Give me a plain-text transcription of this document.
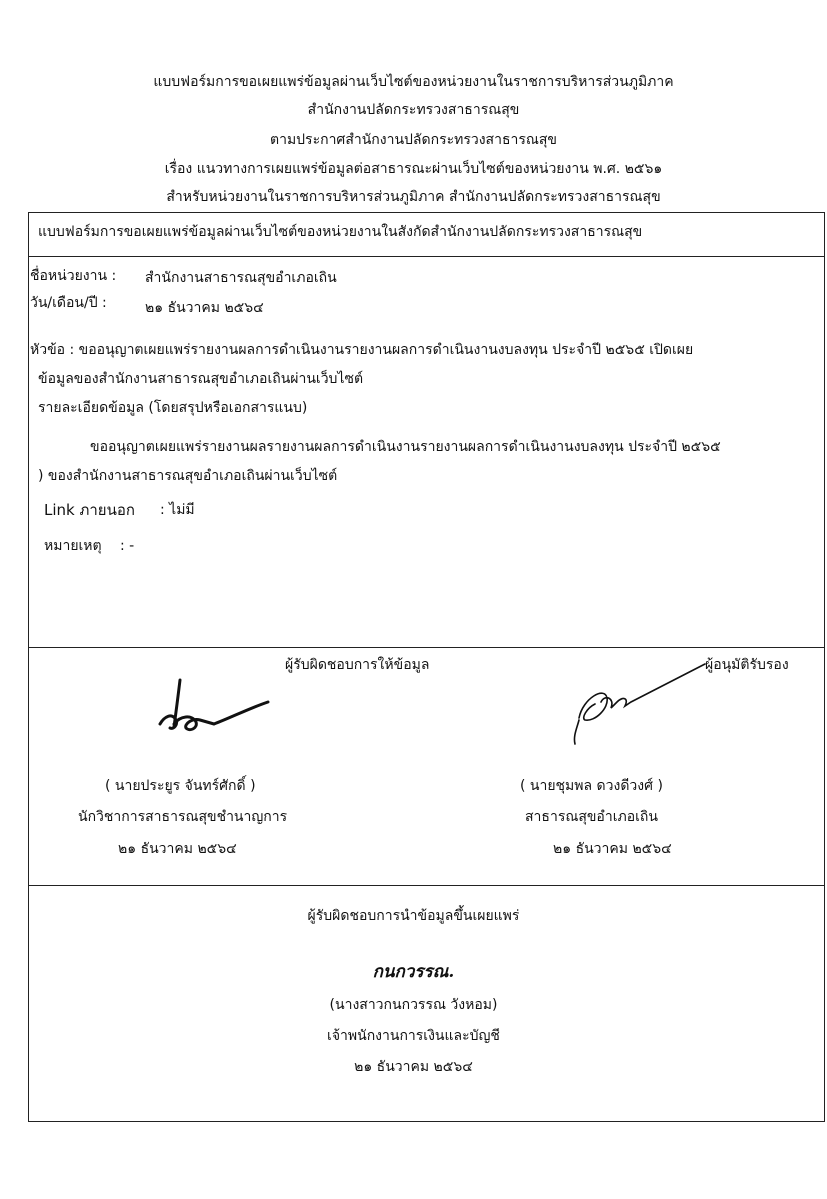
แบบฟอร์มการขอเผยแพร่ข้อมูลผ่านเว็บไซต์ของหน่วยงานในราชการบริหารส่วนภูมิภาค
สำนักงานปลัดกระทรวงสาธารณสุข
ตามประกาศสำนักงานปลัดกระทรวงสาธารณสุข
เรื่อง แนวทางการเผยแพร่ข้อมูลต่อสาธารณะผ่านเว็บไซต์ของหน่วยงาน พ.ศ. ๒๕๖๑
สำหรับหน่วยงานในราชการบริหารส่วนภูมิภาค สำนักงานปลัดกระทรวงสาธารณสุข
แบบฟอร์มการขอเผยแพร่ข้อมูลผ่านเว็บไซต์ของหน่วยงานในสังกัดสำนักงานปลัดกระทรวงสาธารณสุข
ชื่อหน่วยงาน : สำนักงานสาธารณสุขอำเภอเถิน
วัน/เดือน/ปี :	๒๑ ธันวาคม ๒๕๖๔
หัวข้อ : ขออนุญาตเผยแพร่รายงานผลการดำเนินงานรายงานผลการดำเนินงานงบลงทุน ประจำปี ๒๕๖๕ เปิดเผย
ข้อมูลของสำนักงานสาธารณสุขอำเภอเถินผ่านเว็บไซต์
รายละเอียดข้อมูล (โดยสรุปหรือเอกสารแนบ)
ขออนุญาตเผยแพร่รายงานผลรายงานผลการดำเนินงานรายงานผลการดำเนินงานงบลงทุน ประจำปี ๒๕๖๕
) ของสำนักงานสาธารณสุขอำเภอเถินผ่านเว็บไซต์
Link ภายนอก : ไม่มี
หมายเหตุ : -
ผู้รับผิดชอบการให้ข้อมูล	ผู้อนุมัติรับรอง
( นายประยูร จันทร์ศักดิ์ )
นักวิชาการสาธารณสุขชำนาญการ
๒๑ ธันวาคม ๒๕๖๔
( นายชุมพล ดวงดีวงศ์ )
สาธารณสุขอำเภอเถิน
๒๑ ธันวาคม ๒๕๖๔
ผู้รับผิดชอบการนำข้อมูลขึ้นเผยแพร่
กนกวรรณ.
(นางสาวกนกวรรณ วังหอม)
เจ้าพนักงานการเงินและบัญชี
๒๑ ธันวาคม ๒๕๖๔
